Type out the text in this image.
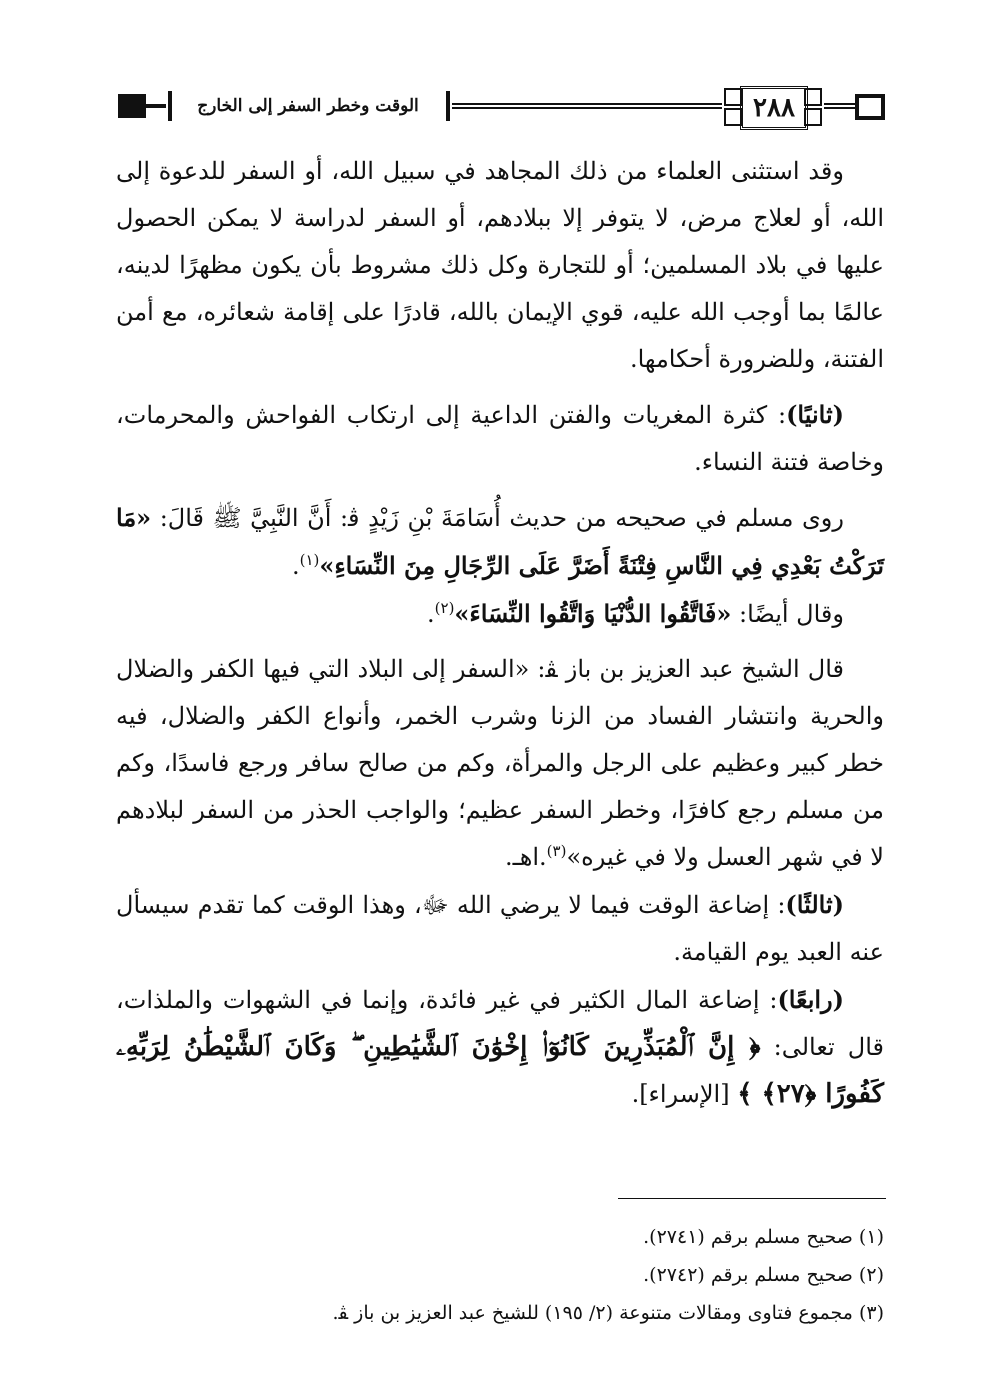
الوقت وخطر السفر إلى الخارج	٢٨٨

وقد استثنى العلماء من ذلك المجاهد في سبيل الله، أو السفر للدعوة إلى الله، أو لعلاج مرض، لا يتوفر إلا ببلادهم، أو السفر لدراسة لا يمكن الحصول عليها في بلاد المسلمين؛ أو للتجارة وكل ذلك مشروط بأن يكون مظهرًا لدينه، عالمًا بما أوجب الله عليه، قوي الإيمان بالله، قادرًا على إقامة شعائره، مع أمن الفتنة، وللضرورة أحكامها.

(ثانيًا): كثرة المغريات والفتن الداعية إلى ارتكاب الفواحش والمحرمات، وخاصة فتنة النساء.

روى مسلم في صحيحه من حديث أُسَامَةَ بْنِ زَيْدٍ ﭬ: أَنَّ النَّبِيَّ ﷺ قَالَ: «مَا تَرَكْتُ بَعْدِي فِي النَّاسِ فِتْنَةً أَضَرَّ عَلَى الرِّجَالِ مِنَ النِّسَاءِ»$^{(١)}$.

وقال أيضًا: «فَاتَّقُوا الدُّنْيَا وَاتَّقُوا النِّسَاءَ»$^{(٢)}$.

قال الشيخ عبد العزيز بن باز ﭭ: «السفر إلى البلاد التي فيها الكفر والضلال والحرية وانتشار الفساد من الزنا وشرب الخمر، وأنواع الكفر والضلال، فيه خطر كبير وعظيم على الرجل والمرأة، وكم من صالح سافر ورجع فاسدًا، وكم من مسلم رجع كافرًا، وخطر السفر عظيم؛ والواجب الحذر من السفر لبلادهم لا في شهر العسل ولا في غيره»$^{(٣)}$.اهـ.

(ثالثًا): إضاعة الوقت فيما لا يرضي الله ﷻ، وهذا الوقت كما تقدم سيسأل عنه العبد يوم القيامة.

(رابعًا): إضاعة المال الكثير في غير فائدة، وإنما في الشهوات والملذات، قال تعالى: ﴿ إِنَّ ٱلْمُبَذِّرِينَ كَانُوٓا۟ إِخْوَٰنَ ٱلشَّيَٰطِينِ ۖ وَكَانَ ٱلشَّيْطَٰنُ لِرَبِّهِۦ كَفُورًا ﴿٢٧﴾ ﴾ [الإسراء].

(١) صحيح مسلم برقم (٢٧٤١).

(٢) صحيح مسلم برقم (٢٧٤٢).

(٣) مجموع فتاوى ومقالات متنوعة (٢/ ١٩٥) للشيخ عبد العزيز بن باز ﭭ.
